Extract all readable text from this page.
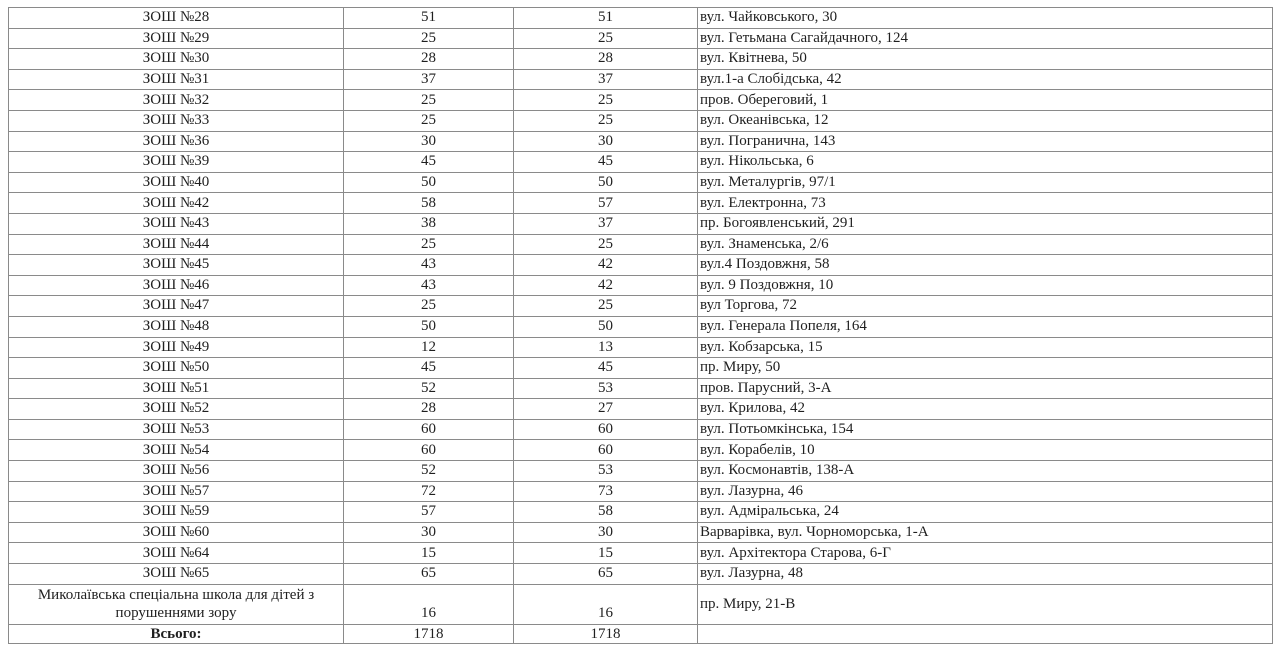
ЗОШ №28	51	51	вул. Чайковського, 30
ЗОШ №29	25	25	вул. Гетьмана Сагайдачного, 124
ЗОШ №30	28	28	вул. Квітнева, 50
ЗОШ №31	37	37	вул.1-а Слобідська, 42
ЗОШ №32	25	25	пров. Обереговий, 1
ЗОШ №33	25	25	вул. Океанівська, 12
ЗОШ №36	30	30	вул. Погранична, 143
ЗОШ №39	45	45	вул. Нікольська, 6
ЗОШ №40	50	50	вул. Металургів, 97/1
ЗОШ №42	58	57	вул. Електронна, 73
ЗОШ №43	38	37	пр. Богоявленський, 291
ЗОШ №44	25	25	вул. Знаменська, 2/6
ЗОШ №45	43	42	вул.4 Поздовжня, 58
ЗОШ №46	43	42	вул. 9 Поздовжня, 10
ЗОШ №47	25	25	вул Торгова, 72
ЗОШ №48	50	50	вул. Генерала Попеля, 164
ЗОШ №49	12	13	вул. Кобзарська, 15
ЗОШ №50	45	45	пр. Миру, 50
ЗОШ №51	52	53	пров. Парусний, 3-А
ЗОШ №52	28	27	вул. Крилова, 42
ЗОШ №53	60	60	вул. Потьомкінська, 154
ЗОШ №54	60	60	вул. Корабелів, 10
ЗОШ №56	52	53	вул. Космонавтів, 138-А
ЗОШ №57	72	73	вул. Лазурна, 46
ЗОШ №59	57	58	вул. Адміральська, 24
ЗОШ №60	30	30	Варварівка, вул. Чорноморська, 1-А
ЗОШ №64	15	15	вул. Архітектора Старова, 6-Г
ЗОШ №65	65	65	вул. Лазурна, 48
Миколаївська спеціальна школа для дітей з порушеннями зору	16	16	пр. Миру, 21-В
Всього:	1718	1718	
